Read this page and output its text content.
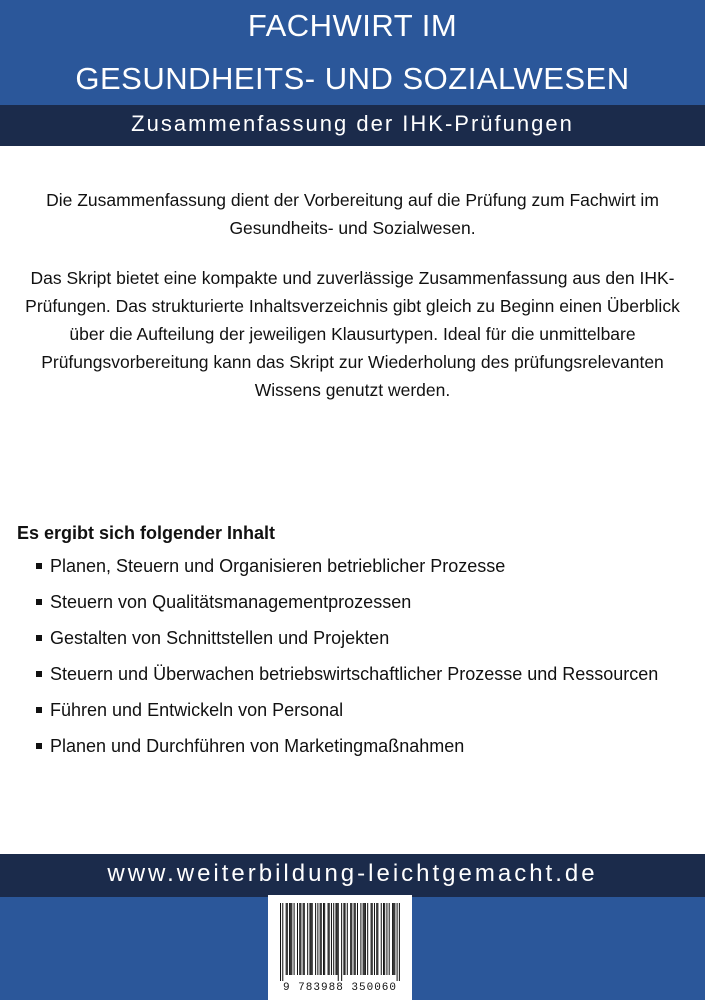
FACHWIRT IM
GESUNDHEITS- UND SOZIALWESEN
Zusammenfassung der IHK-Prüfungen

Die Zusammenfassung dient der Vorbereitung auf die Prüfung zum Fachwirt im Gesundheits- und Sozialwesen.

Das Skript bietet eine kompakte und zuverlässige Zusammenfassung aus den IHK-Prüfungen. Das strukturierte Inhaltsverzeichnis gibt gleich zu Beginn einen Überblick über die Aufteilung der jeweiligen Klausurtypen. Ideal für die unmittelbare Prüfungsvorbereitung kann das Skript zur Wiederholung des prüfungsrelevanten Wissens genutzt werden.

Es ergibt sich folgender Inhalt
Planen, Steuern und Organisieren betrieblicher Prozesse
Steuern von Qualitätsmanagementprozessen
Gestalten von Schnittstellen und Projekten
Steuern und Überwachen betriebswirtschaftlicher Prozesse und Ressourcen
Führen und Entwickeln von Personal
Planen und Durchführen von Marketingmaßnahmen
www.weiterbildung-leichtgemacht.de
9 783988 350060
